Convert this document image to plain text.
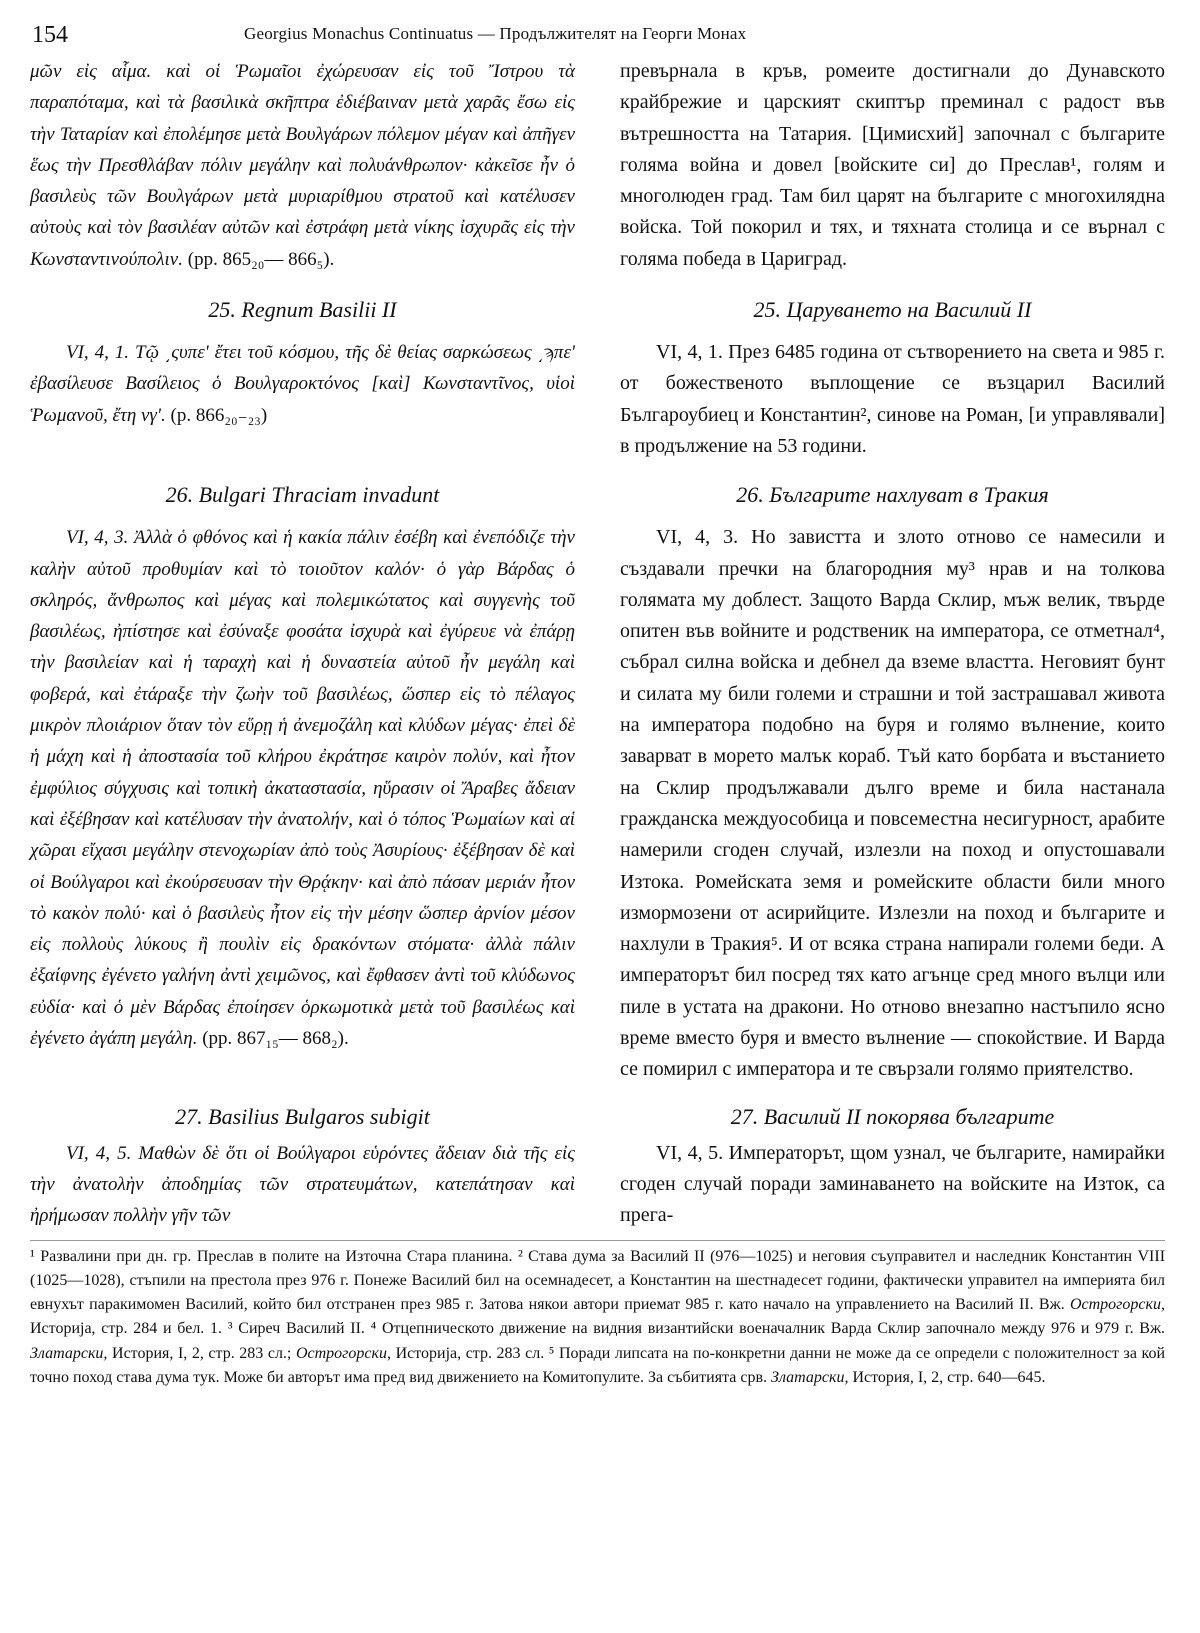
154	Georgius Monachus Continuatus — Продължителят на Георги Монах

μῶν εἰς αἷμα. καὶ οἱ Ῥωμαῖοι ἐχώρευσαν εἰς τοῦ Ἴστρου τὰ παραπόταμα, καὶ τὰ βασιλικὰ σκῆπτρα ἐδιέβαιναν μετὰ χαρᾶς ἔσω εἰς τὴν Ταταρίαν καὶ ἐπολέμησε μετὰ Βουλγάρων πόλεμον μέγαν καὶ ἀπῆγεν ἕως τὴν Πρεσθλάβαν πόλιν μεγάλην καὶ πολυάνθρωπον· κἀκεῖσε ἦν ὁ βασιλεὺς τῶν Βουλγάρων μετὰ μυριαρίθμου στρατοῦ καὶ κατέλυσεν αὐτοὺς καὶ τὸν βασιλέαν αὐτῶν καὶ ἐστράφη μετὰ νίκης ἰσχυρᾶς εἰς τὴν Κωνσταντινούπολιν. (pp. 865₂₀— 866₅).

превърнала в кръв, ромеите достигнали до Дунавското крайбрежие и царският скиптър преминал с радост във вътрешността на Татария. [Цимисхий] започнал с българите голяма война и довел [войските си] до Преслав¹, голям и многолюден град. Там бил царят на българите с многохилядна войска. Той покорил и тях, и тяхната столица и се върнал с голяма победа в Цариград.

25. Regnum Basilii II	25. Царуването на Василий II

VI, 4, 1. Τῷ ͵ςυπε' ἔτει τοῦ κόσμου, τῆς δὲ θείας σαρκώσεως ͵ϡπε' ἐβασίλευσε Βασίλειος ὁ Βουλγαροκτόνος [καὶ] Κωνσταντῖνος, υἱοὶ Ῥωμανοῦ, ἔτη νγ'. (p. 866₂₀₋₂₃)

VI, 4, 1. През 6485 година от сътворението на света и 985 г. от божественото въплощение се възцарил Василий Българоубиец и Константин², синове на Роман, [и управлявали] в продължение на 53 години.

26. Bulgari Thraciam invadunt	26. Българите нахлуват в Тракия

VI, 4, 3. Ἀλλὰ ὁ φθόνος καὶ ἡ κακία πάλιν ἐσέβη καὶ ἐνεπόδιζε τὴν καλὴν αὐτοῦ προθυμίαν καὶ τὸ τοιοῦτον καλόν· ὁ γὰρ Βάρδας ὁ σκληρός, ἄνθρωπος καὶ μέγας καὶ πολεμικώτατος καὶ συγγενὴς τοῦ βασιλέως, ἠπίστησε καὶ ἐσύναξε φοσάτα ἰσχυρὰ καὶ ἐγύρευε νὰ ἐπάρῃ τὴν βασιλείαν καὶ ἡ ταραχὴ καὶ ἡ δυναστεία αὐτοῦ ἦν μεγάλη καὶ φοβερά, καὶ ἐτάραξε τὴν ζωὴν τοῦ βασιλέως, ὥσπερ εἰς τὸ πέλαγος μικρὸν πλοιάριον ὅταν τὸν εὕρῃ ἡ ἀνεμοζάλη καὶ κλύδων μέγας· ἐπεὶ δὲ ἡ μάχη καὶ ἡ ἀποστασία τοῦ κλήρου ἐκράτησε καιρὸν πολύν, καὶ ἦτον ἐμφύλιος σύγχυσις καὶ τοπικὴ ἀκαταστασία, ηὕρασιν οἱ Ἄραβες ἄδειαν καὶ ἐξέβησαν καὶ κατέλυσαν τὴν ἀνατολήν, καὶ ὁ τόπος Ῥωμαίων καὶ αἱ χῶραι εἴχασι μεγάλην στενοχωρίαν ἀπὸ τοὺς Ἀσυρίους· ἐξέβησαν δὲ καὶ οἱ Βούλγαροι καὶ ἐκούρσευσαν τὴν Θρᾴκην· καὶ ἀπὸ πάσαν μεριάν ἦτον τὸ κακὸν πολύ· καὶ ὁ βασιλεὺς ἦτον εἰς τὴν μέσην ὥσπερ ἀρνίον μέσον εἰς πολλοὺς λύκους ἢ πουλὶν εἰς δρακόντων στόματα· ἀλλὰ πάλιν ἐξαίφνης ἐγένετο γαλήνη ἀντὶ χειμῶνος, καὶ ἔφθασεν ἀντὶ τοῦ κλύδωνος εὐδία· καὶ ὁ μὲν Βάρδας ἐποίησεν ὁρκωμοτικὰ μετὰ τοῦ βασιλέως καὶ ἐγένετο ἀγάπη μεγάλη. (pp. 867₁₅— 868₂).

VI, 4, 3. Но завистта и злото отново се намесили и създавали пречки на благородния му³ нрав и на толкова голямата му доблест. Защото Варда Склир, мъж велик, твърде опитен във войните и родственик на императора, се отметнал⁴, събрал силна войска и дебнел да вземе властта. Неговият бунт и силата му били големи и страшни и той застрашавал живота на императора подобно на буря и голямо вълнение, които заварват в морето малък кораб. Тъй като борбата и въстанието на Склир продължавали дълго време и била настанала гражданска междуособица и повсеместна несигурност, арабите намерили сгоден случай, излезли на поход и опустошавали Изтока. Ромейската земя и ромейските области били много измормозени от асирийците. Излезли на поход и българите и нахлули в Тракия⁵. И от всяка страна напирали големи беди. А императорът бил посред тях като агънце сред много вълци или пиле в устата на дракони. Но отново внезапно настъпило ясно време вместо буря и вместо вълнение — спокойствие. И Варда се помирил с императора и те свързали голямо приятелство.

27. Basilius Bulgaros subigit	27. Василий II покорява българите

VI, 4, 5. Μαθὼν δὲ ὅτι οἱ Βούλγαροι εὑρόντες ἄδειαν διὰ τῆς εἰς τὴν ἀνατολὴν ἀποδημίας τῶν στρατευμάτων, κατεπάτησαν καὶ ἠρήμωσαν πολλὴν γῆν τῶν

VI, 4, 5. Императорът, щом узнал, че българите, намирайки сгоден случай поради заминаването на войските на Изток, са прега-

¹ Развалини при дн. гр. Преслав в полите на Източна Стара планина. ² Става дума за Василий II (976—1025) и неговия съуправител и наследник Константин VIII (1025—1028), стъпили на престола през 976 г. Понеже Василий бил на осемнадесет, а Константин на шестнадесет години, фактически управител на империята бил евнухът паракимомен Василий, който бил отстранен през 985 г. Затова някои автори приемат 985 г. като начало на управлението на Василий II. Вж. Острогорски, Историја, стр. 284 и бел. 1. ³ Сиреч Василий II. ⁴ Отцепническото движение на видния византийски военачалник Варда Склир започнало между 976 и 979 г. Вж. Златарски, История, I, 2, стр. 283 сл.; Острогорски, Историја, стр. 283 сл. ⁵ Поради липсата на по-конкретни данни не може да се определи с положителност за кой точно поход става дума тук. Може би авторът има пред вид движението на Комитопулите. За събитията срв. Златарски, История, I, 2, стр. 640—645.
